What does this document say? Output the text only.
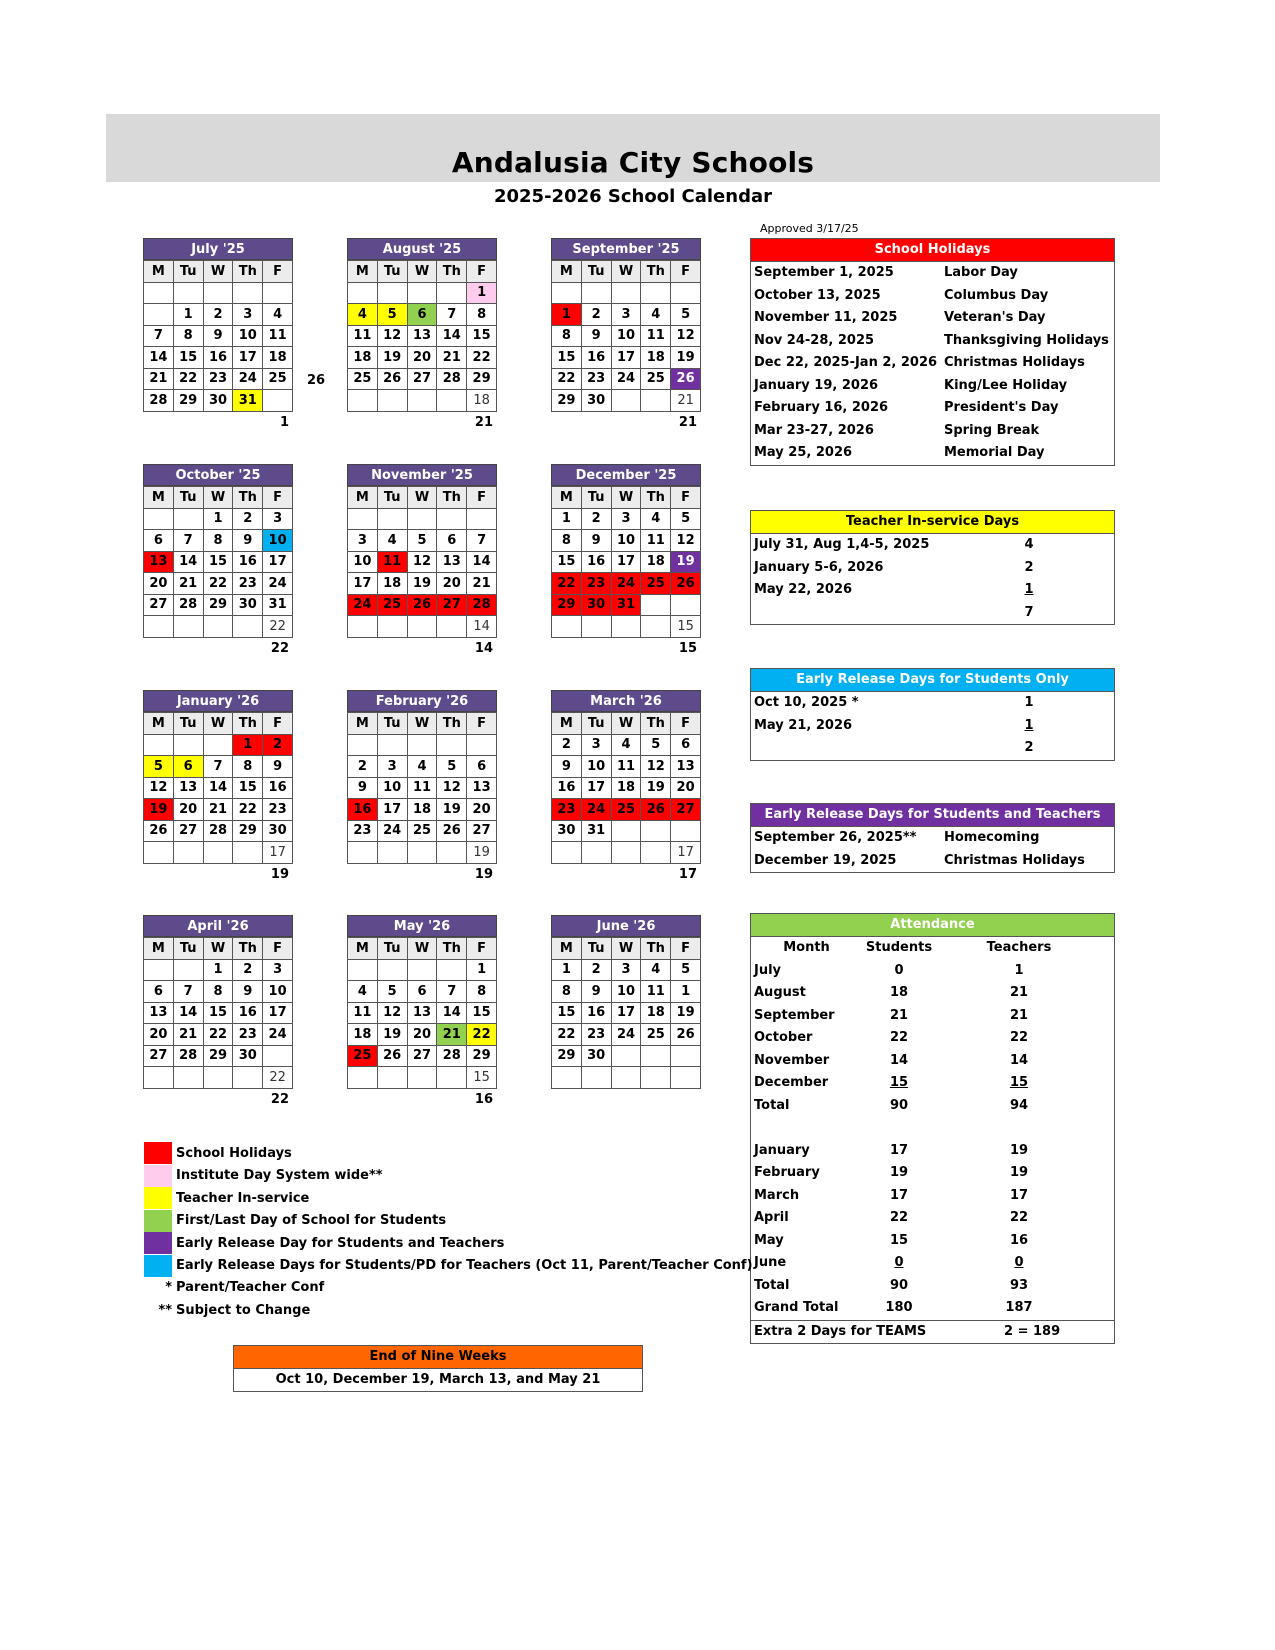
Andalusia City Schools
2025-2026 School Calendar
Approved 3/17/25
July '25
M	Tu	W	Th	F

	1	2	3	4
7	8	9	10	11
14	15	16	17	18
21	22	23	24	25
28	29	30	31	
1
August '25
M	Tu	W	Th	F
				1
4	5	6	7	8
11	12	13	14	15
18	19	20	21	22
25	26	27	28	29
				18
21
September '25
M	Tu	W	Th	F

1	2	3	4	5
8	9	10	11	12
15	16	17	18	19
22	23	24	25	26
29	30			21
21
October '25
M	Tu	W	Th	F
		1	2	3
6	7	8	9	10
13	14	15	16	17
20	21	22	23	24
27	28	29	30	31
				22
22
November '25
M	Tu	W	Th	F

3	4	5	6	7
10	11	12	13	14
17	18	19	20	21
24	25	26	27	28
				14
14
December '25
M	Tu	W	Th	F
1	2	3	4	5
8	9	10	11	12
15	16	17	18	19
22	23	24	25	26
29	30	31		
				15
15
January '26
M	Tu	W	Th	F
			1	2
5	6	7	8	9
12	13	14	15	16
19	20	21	22	23
26	27	28	29	30
				17
19
February '26
M	Tu	W	Th	F

2	3	4	5	6
9	10	11	12	13
16	17	18	19	20
23	24	25	26	27
				19
19
March '26
M	Tu	W	Th	F
2	3	4	5	6
9	10	11	12	13
16	17	18	19	20
23	24	25	26	27
30	31			
				17
17
April '26
M	Tu	W	Th	F
		1	2	3
6	7	8	9	10
13	14	15	16	17
20	21	22	23	24
27	28	29	30	
				22
22
May '26
M	Tu	W	Th	F
				1
4	5	6	7	8
11	12	13	14	15
18	19	20	21	22
25	26	27	28	29
				15
16
June '26
M	Tu	W	Th	F
1	2	3	4	5
8	9	10	11	1
15	16	17	18	19
22	23	24	25	26
29	30			

26
School Holidays
September 1, 2025	Labor Day
October 13, 2025	Columbus Day
November 11, 2025	Veteran's Day
Nov 24-28, 2025	Thanksgiving Holidays
Dec 22, 2025-Jan 2, 2026 Christmas Holidays
January 19, 2026	King/Lee Holiday
February 16, 2026	President's Day
Mar 23-27, 2026	Spring Break
May 25, 2026	Memorial Day
Teacher In-service Days
July 31, Aug 1,4-5, 2025	4
January 5-6, 2026	2
May 22, 2026	1
7
Early Release Days for Students Only
Oct 10, 2025 *	1
May 21, 2026	1
2
Early Release Days for Students and Teachers
September 26, 2025**	Homecoming
December 19, 2025	Christmas Holidays
Attendance
Month	Students	Teachers
July	0	1
August	18	21
September	21	21
October	22	22
November	14	14
December	15	15
Total	90	94
January	17	19
February	19	19
March	17	17
April	22	22
May	15	16
June	0	0
Total	90	93
Grand Total	180	187
Extra 2 Days for TEAMS	2 = 189
School Holidays
Institute Day System wide**
Teacher In-service
First/Last Day of School for Students
Early Release Day for Students and Teachers
Early Release Days for Students/PD for Teachers (Oct 11, Parent/Teacher Conf)
* Parent/Teacher Conf
** Subject to Change
End of Nine Weeks
Oct 10, December 19, March 13, and May 21
